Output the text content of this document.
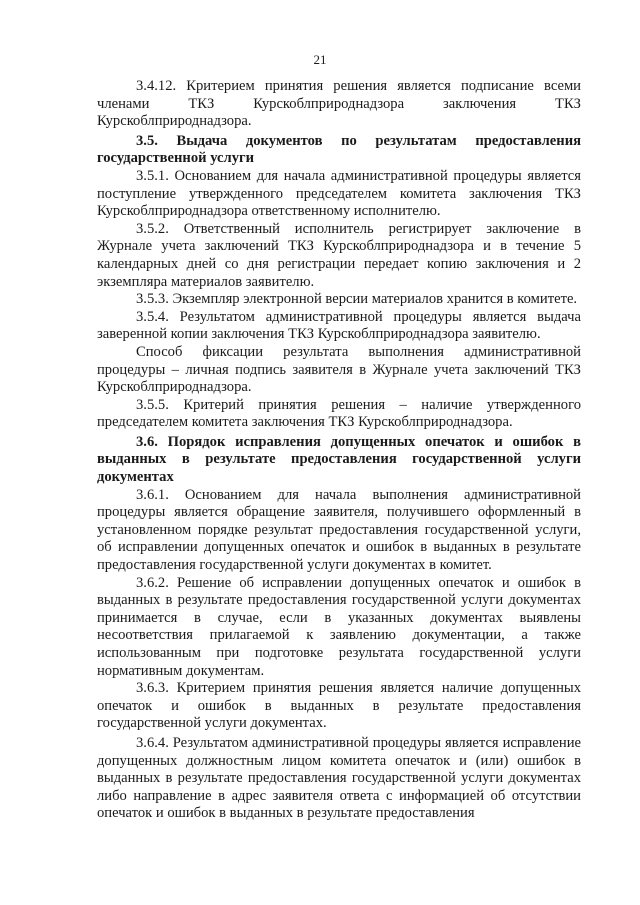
21

3.4.12. Критерием принятия решения является подписание всеми членами ТКЗ Курскоблприроднадзора заключения ТКЗ Курскоблприроднадзора.

3.5. Выдача документов по результатам предоставления государственной услуги

3.5.1. Основанием для начала административной процедуры является поступление утвержденного председателем комитета заключения ТКЗ Курскоблприроднадзора ответственному исполнителю.

3.5.2. Ответственный исполнитель регистрирует заключение в Журнале учета заключений ТКЗ Курскоблприроднадзора и в течение 5 календарных дней со дня регистрации передает копию заключения и 2 экземпляра материалов заявителю.

3.5.3. Экземпляр электронной версии материалов хранится в комитете.

3.5.4. Результатом административной процедуры является выдача заверенной копии заключения ТКЗ Курскоблприроднадзора заявителю.

Способ фиксации результата выполнения административной процедуры – личная подпись заявителя в Журнале учета заключений ТКЗ Курскоблприроднадзора.

3.5.5. Критерий принятия решения – наличие утвержденного председателем комитета заключения ТКЗ Курскоблприроднадзора.

3.6. Порядок исправления допущенных опечаток и ошибок в выданных в результате предоставления государственной услуги документах

3.6.1. Основанием для начала выполнения административной процедуры является обращение заявителя, получившего оформленный в установленном порядке результат предоставления государственной услуги, об исправлении допущенных опечаток и ошибок в выданных в результате предоставления государственной услуги документах в комитет.

3.6.2. Решение об исправлении допущенных опечаток и ошибок в выданных в результате предоставления государственной услуги документах принимается в случае, если в указанных документах выявлены несоответствия прилагаемой к заявлению документации, а также использованным при подготовке результата государственной услуги нормативным документам.

3.6.3. Критерием принятия решения является наличие допущенных опечаток и ошибок в выданных в результате предоставления государственной услуги документах.

3.6.4. Результатом административной процедуры является исправление допущенных должностным лицом комитета опечаток и (или) ошибок в выданных в результате предоставления государственной услуги документах либо направление в адрес заявителя ответа с информацией об отсутствии опечаток и ошибок в выданных в результате предоставления
